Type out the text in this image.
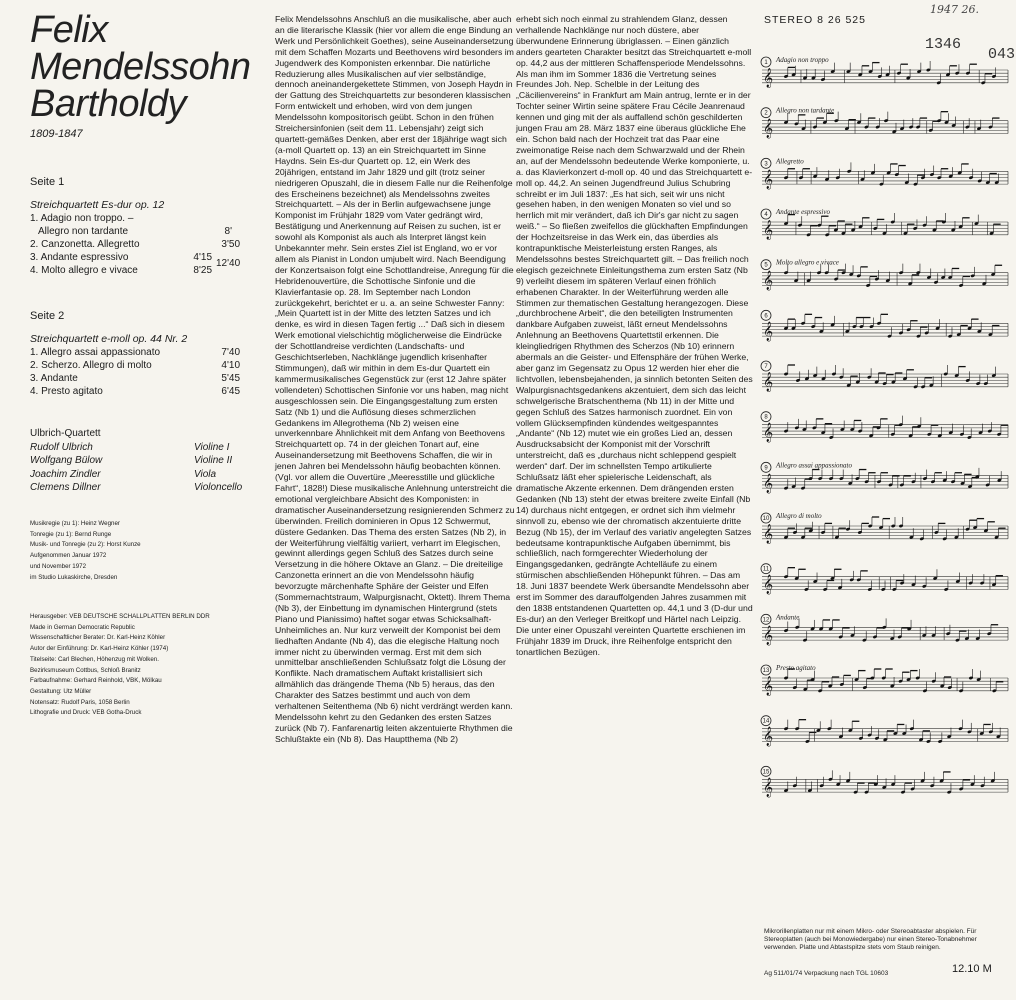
Felix
Mendelssohn
Bartholdy
1809-1847
Seite 1
Streichquartett Es-dur op. 12
1. Adagio non troppo. –
Allegro non tardante	8'
2. Canzonetta. Allegretto	3'50
3. Andante espressivo	4'15
4. Molto allegro e vivace	8'25
12'40
Seite 2
Streichquartett e-moll op. 44 Nr. 2
1. Allegro assai appassionato	7'40
2. Scherzo. Allegro di molto	4'10
3. Andante	5'45
4. Presto agitato	6'45
Ulbrich-Quartett
Rudolf Ulbrich	Violine I
Wolfgang Bülow	Violine II
Joachim Zindler	Viola
Clemens Dillner	Violoncello
Musikregie (zu 1): Heinz Wegner
Tonregie (zu 1): Bernd Runge
Musik- und Tonregie (zu 2): Horst Kunze
Aufgenommen Januar 1972
und November 1972
im Studio Lukaskirche, Dresden
Herausgeber: VEB DEUTSCHE SCHALLPLATTEN BERLIN DDR
Made in German Democratic Republic
Wissenschaftlicher Berater: Dr. Karl-Heinz Köhler
Autor der Einführung: Dr. Karl-Heinz Köhler (1974)
Titelseite: Carl Blechen, Höhenzug mit Wolken.
Bezirksmuseum Cottbus, Schloß Branitz
Farbaufnahme: Gerhard Reinhold, VBK, Mölkau
Gestaltung: Utz Müller
Notensatz: Rudolf Paris, 1058 Berlin
Lithografie und Druck: VEB Gotha-Druck
Felix Mendelssohns Anschluß an die musikalische, aber auch an die literarische Klassik (hier vor allem die enge Bindung an Werk und Persönlichkeit Goethes), seine Auseinandersetzung mit dem Schaffen Mozarts und Beethovens wird besonders im Jugendwerk des Komponisten erkennbar. Die natürliche Reduzierung alles Musikalischen auf vier selbständige, dennoch aneinandergekettete Stimmen, von Joseph Haydn in der Gattung des Streichquartetts zur besonderen klassischen Form entwickelt und erhoben, wird von dem jungen Mendelssohn kompositorisch geübt. Schon in den frühen Streichersinfonien (seit dem 11. Lebensjahr) zeigt sich quartett-gemäßes Denken, aber erst der 18jährige wagt sich (a-moll Quartett op. 13) an ein Streichquartett im Sinne Haydns. Sein Es-dur Quartett op. 12, ein Werk des 20jährigen, entstand im Jahr 1829 und gilt (trotz seiner niedrigeren Opuszahl, die in diesem Falle nur die Reihenfolge des Erscheinens bezeichnet) als Mendelssohns zweites Streichquartett. – Als der in Berlin aufgewachsene junge Komponist im Frühjahr 1829 vom Vater gedrängt wird, Bestätigung und Anerkennung auf Reisen zu suchen, ist er sowohl als Komponist als auch als Interpret längst kein Unbekannter mehr. Sein erstes Ziel ist England, wo er vor allem als Pianist in London umjubelt wird. Nach Beendigung der Konzertsaison folgt eine Schottlandreise, Anregung für die Hebridenouvertüre, die Schottische Sinfonie und die Klavierfantasie op. 28. Im September nach London zurückgekehrt, berichtet er u. a. an seine Schwester Fanny: „Mein Quartett ist in der Mitte des letzten Satzes und ich denke, es wird in diesen Tagen fertig ...“ Daß sich in diesem Werk emotional vielschichtig möglicherweise die Eindrücke der Schottlandreise verdichten (Landschafts- und Geschichtserleben, Nachklänge jugendlich krisenhafter Stimmungen), daß wir mithin in dem Es-dur Quartett ein kammermusikalisches Gegenstück zur (erst 12 Jahre später vollendeten) Schottischen Sinfonie vor uns haben, mag nicht ausgeschlossen sein. Die Eingangsgestaltung zum ersten Satz (Nb 1) und die Auflösung dieses schmerzlichen Gedankens im Allegrothema (Nb 2) weisen eine unverkennbare Ähnlichkeit mit dem Anfang von Beethovens Streichquartett op. 74 in der gleichen Tonart auf, eine Auseinandersetzung mit Beethovens Schaffen, die wir in jenen Jahren bei Mendelssohn häufig beobachten können. (Vgl. vor allem die Ouvertüre „Meeresstille und glückliche Fahrt“, 1828!) Diese musikalische Anlehnung unterstreicht die emotional vergleichbare Absicht des Komponisten: in dramatischer Auseinandersetzung resignierenden Schmerz zu überwinden. Freilich dominieren in Opus 12 Schwermut, düstere Gedanken. Das Thema des ersten Satzes (Nb 2), in der Weiterführung vielfältig variiert, verharrt im Elegischen, gewinnt allerdings gegen Schluß des Satzes durch seine Versetzung in die höhere Oktave an Glanz. – Die dreiteilige Canzonetta erinnert an die von Mendelssohn häufig bevorzugte märchenhafte Sphäre der Geister und Elfen (Sommernachtstraum, Walpurgisnacht, Oktett). Ihrem Thema (Nb 3), der Einbettung im dynamischen Hintergrund (stets Piano und Pianissimo) haftet sogar etwas Schicksalhaft-Unheimliches an. Nur kurz verweilt der Komponist bei dem liedhaften Andante (Nb 4), das die elegische Haltung noch immer nicht zu überwinden vermag. Erst mit dem sich unmittelbar anschließenden Schlußsatz folgt die Lösung der Konflikte. Nach dramatischem Auftakt kristallisiert sich allmählich das drängende Thema (Nb 5) heraus, das den Charakter des Satzes bestimmt und auch von dem verhaltenen Seitenthema (Nb 6) nicht verdrängt werden kann. Mendelssohn kehrt zu den Gedanken des ersten Satzes zurück (Nb 7). Fanfarenartig leiten akzentuierte Rhythmen die Schlußtakte ein (Nb 8). Das Hauptthema (Nb 2)
erhebt sich noch einmal zu strahlendem Glanz, dessen verhallende Nachklänge nur noch düstere, aber überwundene Erinnerung übriglassen. – Einen gänzlich anders gearteten Charakter besitzt das Streichquartett e-moll op. 44,2 aus der mittleren Schaffensperiode Mendelssohns. Als man ihm im Sommer 1836 die Vertretung seines Freundes Joh. Nep. Schelble in der Leitung des „Cäcilienvereins“ in Frankfurt am Main antrug, lernte er in der Tochter seiner Wirtin seine spätere Frau Cécile Jeanrenaud kennen und ging mit der als auffallend schön geschilderten jungen Frau am 28. März 1837 eine überaus glückliche Ehe ein. Schon bald nach der Hochzeit trat das Paar eine zweimonatige Reise nach dem Schwarzwald und der Rhein an, auf der Mendelssohn bedeutende Werke komponierte, u. a. das Klavierkonzert d-moll op. 40 und das Streichquartett e-moll op. 44,2. An seinen Jugendfreund Julius Schubring schreibt er im Juli 1837: „Es hat sich, seit wir uns nicht gesehen haben, in den wenigen Monaten so viel und so herrlich mit mir verändert, daß ich Dir's gar nicht zu sagen weiß.“ – So fließen zweifellos die glückhaften Empfindungen der Hochzeitsreise in das Werk ein, das überdies als kontrapunktische Meisterleistung ersten Ranges, als Mendelssohns bestes Streichquartett gilt. – Das freilich noch elegisch gezeichnete Einleitungsthema zum ersten Satz (Nb 9) verleiht diesem im späteren Verlauf einen fröhlich erhabenen Charakter. In der Weiterführung werden alle Stimmen zur thematischen Gestaltung herangezogen. Diese „durchbrochene Arbeit“, die den beteiligten Instrumenten dankbare Aufgaben zuweist, läßt erneut Mendelssohns Anlehnung an Beethovens Quartettstil erkennen. Die kleingliedrigen Rhythmen des Scherzos (Nb 10) erinnern abermals an die Geister- und Elfensphäre der frühen Werke, aber ganz im Gegensatz zu Opus 12 werden hier eher die lichtvollen, lebensbejahenden, ja sinnlich betonten Seiten des Walpurgisnachtsgedankens akzentuiert, dem sich das leicht schwelgerische Bratschenthema (Nb 11) in der Mitte und gegen Schluß des Satzes harmonisch zuordnet. Ein von vollem Glücksempfinden kündendes weitgespanntes „Andante“ (Nb 12) mutet wie ein großes Lied an, dessen Ausdrucksabsicht der Komponist mit der Vorschrift unterstreicht, daß es „durchaus nicht schleppend gespielt werden“ darf. Der im schnellsten Tempo artikulierte Schlußsatz läßt eher spielerische Leidenschaft, als dramatische Akzente erkennen. Dem drängenden ersten Gedanken (Nb 13) steht der etwas breitere zweite Einfall (Nb 14) durchaus nicht entgegen, er ordnet sich ihm vielmehr sinnvoll zu, ebenso wie der chromatisch akzentuierte dritte Bezug (Nb 15), der im Verlauf des variativ angelegten Satzes bedeutsame kontrapunktische Aufgaben übernimmt, bis schließlich, nach formgerechter Wiederholung der Eingangsgedanken, gedrängte Achtelläufe zu einem stürmischen abschließenden Höhepunkt führen. – Das am 18. Juni 1837 beendete Werk übersandte Mendelssohn aber erst im Sommer des darauffolgenden Jahres zusammen mit den 1838 entstandenen Quartetten op. 44,1 und 3 (D-dur und Es-dur) an den Verleger Breitkopf und Härtel nach Leipzig. Die unter einer Opuszahl vereinten Quartette erschienen im Frühjahr 1839 im Druck, ihre Reihenfolge entspricht den tonartlichen Bezügen.
STEREO 8 26 525
1947 26.
1346
043
1 Adagio non troppo
𝄞
2 Allegro non tardante
𝄞
3 Allegretto
𝄞
4 Andante espressivo
𝄞
5 Molto allegro e vivace
𝄞
6
𝄞
7
𝄞
8
𝄞
9 Allegro assai appassionato
𝄞
10 Allegro di molto
𝄞
11
𝄞
12 Andante
𝄞
13 Presto agitato
𝄞
14
𝄞
15
𝄞
Mikrorillenplatten nur mit einem Mikro- oder Stereoabtaster abspielen. Für Stereoplatten (auch bei Monowiedergabe) nur einen Stereo-Tonabnehmer verwenden. Platte und Abtastspitze stets vom Staub reinigen.
Ag 511/01/74 Verpackung nach TGL 10603	12.10 M
